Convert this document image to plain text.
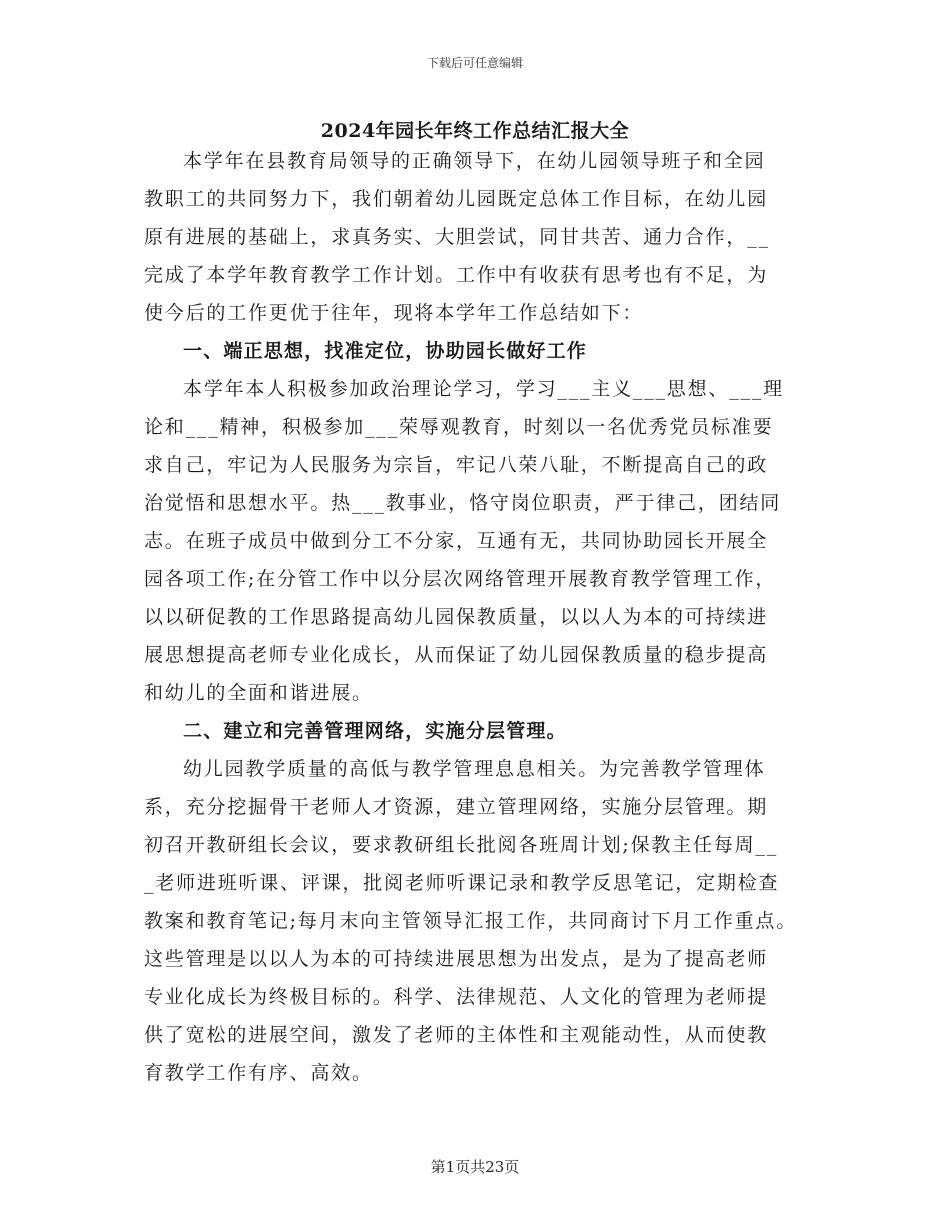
下载后可任意编辑
2024年园长年终工作总结汇报大全
本学年在县教育局领导的正确领导下，在幼儿园领导班子和全园
教职工的共同努力下，我们朝着幼儿园既定总体工作目标，在幼儿园
原有进展的基础上，求真务实、大胆尝试，同甘共苦、通力合作，__
完成了本学年教育教学工作计划。工作中有收获有思考也有不足，为
使今后的工作更优于往年，现将本学年工作总结如下：
一、端正思想，找准定位，协助园长做好工作
本学年本人积极参加政治理论学习，学习___主义___思想、___理
论和___精神，积极参加___荣辱观教育，时刻以一名优秀党员标准要
求自己，牢记为人民服务为宗旨，牢记八荣八耻，不断提高自己的政
治觉悟和思想水平。热___教事业，恪守岗位职责，严于律己，团结同
志。在班子成员中做到分工不分家，互通有无，共同协助园长开展全
园各项工作;在分管工作中以分层次网络管理开展教育教学管理工作，
以以研促教的工作思路提高幼儿园保教质量，以以人为本的可持续进
展思想提高老师专业化成长，从而保证了幼儿园保教质量的稳步提高
和幼儿的全面和谐进展。
二、建立和完善管理网络，实施分层管理。
幼儿园教学质量的高低与教学管理息息相关。为完善教学管理体
系，充分挖掘骨干老师人才资源，建立管理网络，实施分层管理。期
初召开教研组长会议，要求教研组长批阅各班周计划;保教主任每周__
_老师进班听课、评课，批阅老师听课记录和教学反思笔记，定期检查
教案和教育笔记;每月末向主管领导汇报工作，共同商讨下月工作重点。
这些管理是以以人为本的可持续进展思想为出发点，是为了提高老师
专业化成长为终极目标的。科学、法律规范、人文化的管理为老师提
供了宽松的进展空间，激发了老师的主体性和主观能动性，从而使教
育教学工作有序、高效。
第1页共23页
